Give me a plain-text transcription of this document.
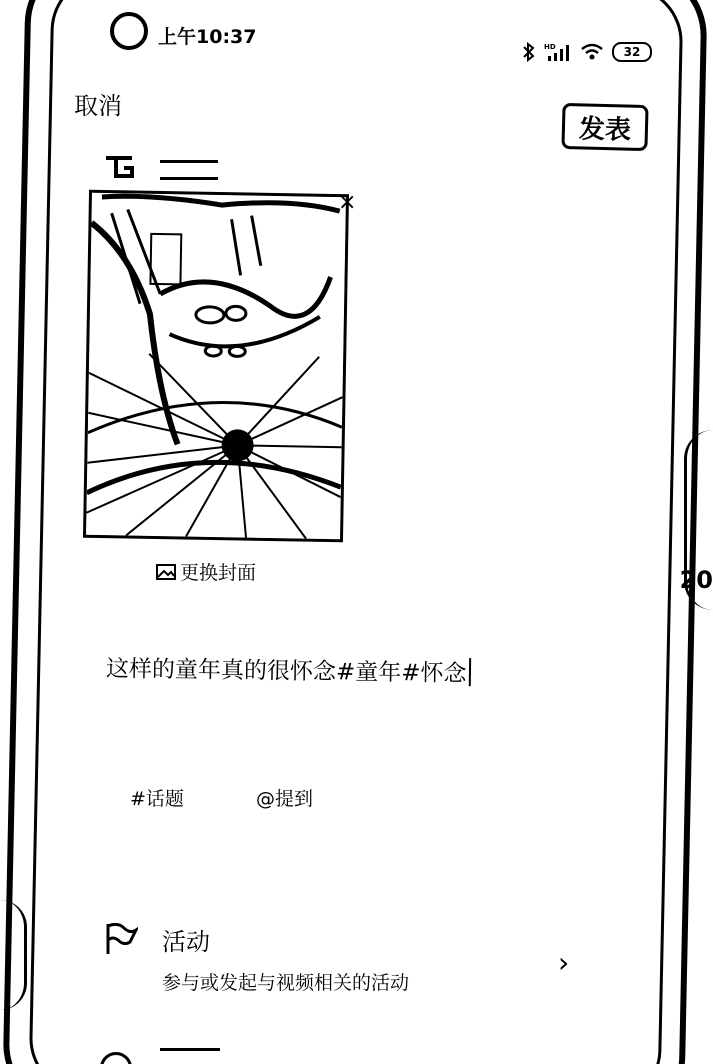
20
上午10:37	HD	32
取消
发表
×
更换封面
这样的童年真的很怀念#童年#怀念
#话题	@提到
活动
参与或发起与视频相关的活动
›
